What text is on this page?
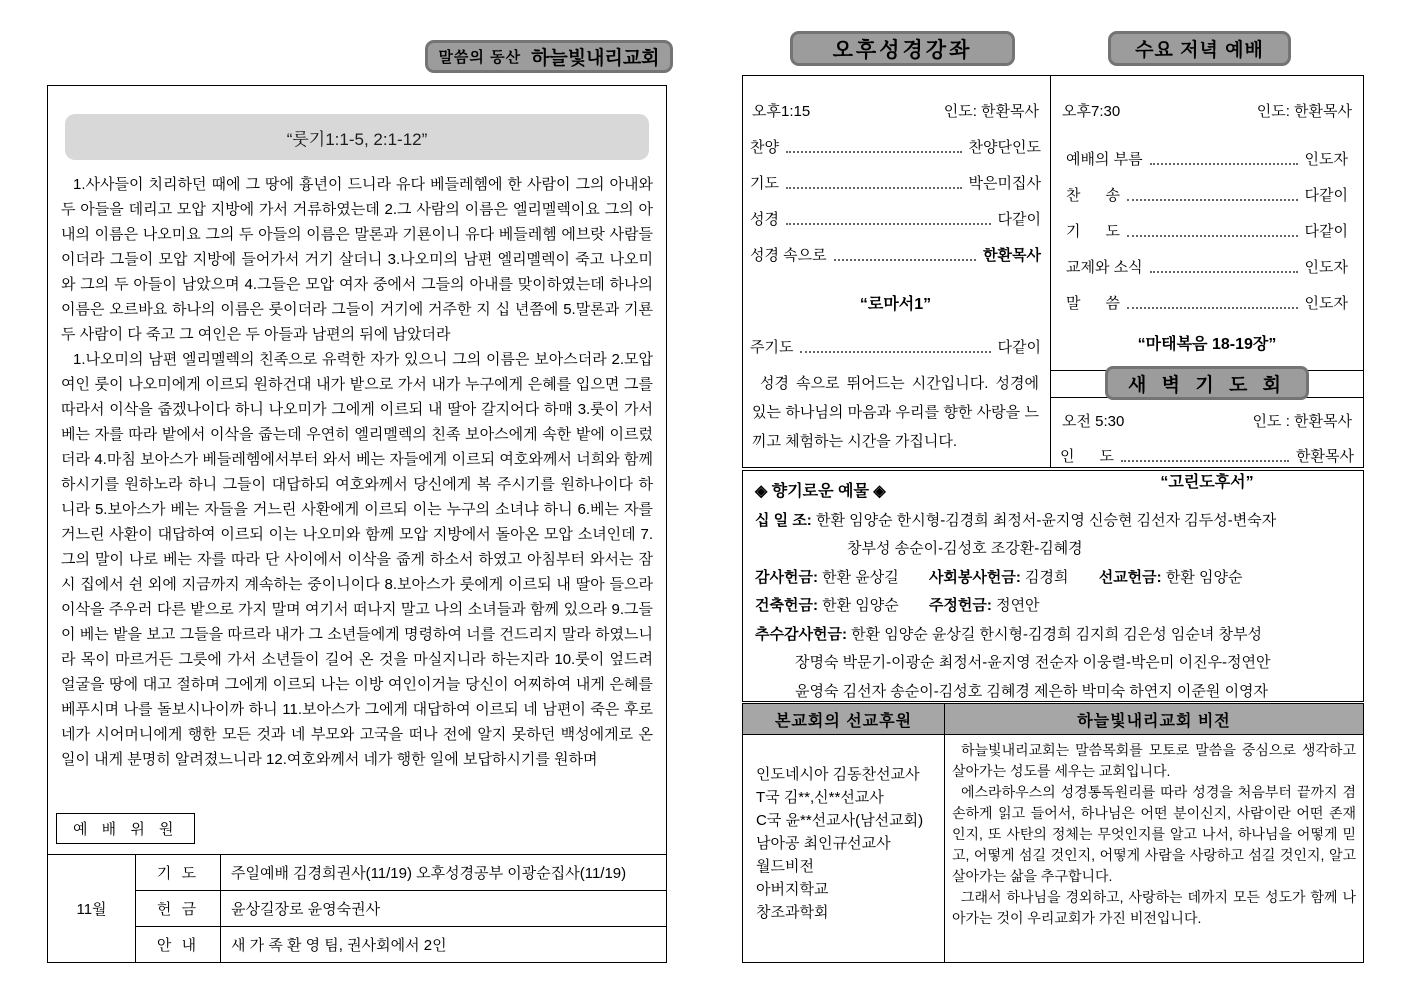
말씀의 동산 하늘빛내리교회
“룻기1:1-5, 2:1-12”

1.사사들이 치리하던 때에 그 땅에 흉년이 드니라 유다 베들레헴에 한 사람이 그의 아내와 두 아들을 데리고 모압 지방에 가서 거류하였는데 2.그 사람의 이름은 엘리멜렉이요 그의 아내의 이름은 나오미요 그의 두 아들의 이름은 말론과 기룐이니 유다 베들레헴 에브랏 사람들이더라 그들이 모압 지방에 들어가서 거기 살더니 3.나오미의 남편 엘리멜렉이 죽고 나오미와 그의 두 아들이 남았으며 4.그들은 모압 여자 중에서 그들의 아내를 맞이하였는데 하나의 이름은 오르바요 하나의 이름은 룻이더라 그들이 거기에 거주한 지 십 년쯤에 5.말론과 기룐 두 사람이 다 죽고 그 여인은 두 아들과 남편의 뒤에 남았더라

1.나오미의 남편 엘리멜렉의 친족으로 유력한 자가 있으니 그의 이름은 보아스더라 2.모압 여인 룻이 나오미에게 이르되 원하건대 내가 밭으로 가서 내가 누구에게 은혜를 입으면 그를 따라서 이삭을 줍겠나이다 하니 나오미가 그에게 이르되 내 딸아 갈지어다 하매 3.룻이 가서 베는 자를 따라 밭에서 이삭을 줍는데 우연히 엘리멜렉의 친족 보아스에게 속한 밭에 이르렀더라 4.마침 보아스가 베들레헴에서부터 와서 베는 자들에게 이르되 여호와께서 너희와 함께 하시기를 원하노라 하니 그들이 대답하되 여호와께서 당신에게 복 주시기를 원하나이다 하니라 5.보아스가 베는 자들을 거느린 사환에게 이르되 이는 누구의 소녀냐 하니 6.베는 자를 거느린 사환이 대답하여 이르되 이는 나오미와 함께 모압 지방에서 돌아온 모압 소녀인데 7.그의 말이 나로 베는 자를 따라 단 사이에서 이삭을 줍게 하소서 하였고 아침부터 와서는 잠시 집에서 쉰 외에 지금까지 계속하는 중이니이다 8.보아스가 룻에게 이르되 내 딸아 들으라 이삭을 주우러 다른 밭으로 가지 말며 여기서 떠나지 말고 나의 소녀들과 함께 있으라 9.그들이 베는 밭을 보고 그들을 따르라 내가 그 소년들에게 명령하여 너를 건드리지 말라 하였느니라 목이 마르거든 그릇에 가서 소년들이 길어 온 것을 마실지니라 하는지라 10.룻이 엎드려 얼굴을 땅에 대고 절하며 그에게 이르되 나는 이방 여인이거늘 당신이 어찌하여 내게 은혜를 베푸시며 나를 돌보시나이까 하니 11.보아스가 그에게 대답하여 이르되 네 남편이 죽은 후로 네가 시어머니에게 행한 모든 것과 네 부모와 고국을 떠나 전에 알지 못하던 백성에게로 온 일이 내게 분명히 알려졌느니라 12.여호와께서 네가 행한 일에 보답하시기를 원하며

예 배 위 원
11월	기 도	주일예배 김경희권사(11/19) 오후성경공부 이광순집사(11/19)
	헌 금	윤상길장로 윤영숙권사
	안 내	새 가 족 환 영 팀, 권사회에서 2인
오후성경강좌	수요 저녁 예배
오후1:15	인도: 한환목사
찬양	찬양단인도
기도	박은미집사
성경	다같이
성경 속으로	한환목사
“로마서1”
주기도	다같이
성경 속으로 뛰어드는 시간입니다. 성경에 있는 하나님의 마음과 우리를 향한 사랑을 느끼고 체험하는 시간을 가집니다.
오후7:30	인도: 한환목사
예배의 부름	인도자
찬      송	다같이
기      도	다같이
교제와 소식	인도자
말      씀	인도자
“마태복음 18-19장”
새 벽 기 도 회
오전 5:30	인도 : 한환목사
인      도	한환목사
“고린도후서”
◈ 향기로운 예물 ◈
십 일 조: 한환 임양순 한시형-김경희 최정서-윤지영 신승현 김선자 김두성-변숙자
창부성 송순이-김성호 조강환-김혜경
감사헌금: 한환 윤상길 사회봉사헌금: 김경희 선교헌금: 한환 임양순
건축헌금: 한환 임양순 주정헌금: 정연안
추수감사헌금: 한환 임양순 윤상길 한시형-김경희 김지희 김은성 임순녀 창부성
장명숙 박문기-이광순 최정서-윤지영 전순자 이웅렬-박은미 이진우-정연안
윤영숙 김선자 송순이-김성호 김혜경 제은하 박미숙 하연지 이준원 이영자
본교회의 선교후원	하늘빛내리교회 비전
인도네시아 김동찬선교사
T국 김**,신**선교사
C국 윤**선교사(남선교회)
남아공 최인규선교사
월드비전
아버지학교
창조과학회

하늘빛내리교회는 말씀목회를 모토로 말씀을 중심으로 생각하고 살아가는 성도를 세우는 교회입니다.

에스라하우스의 성경통독원리를 따라 성경을 처음부터 끝까지 겸손하게 읽고 들어서, 하나님은 어떤 분이신지, 사람이란 어떤 존재인지, 또 사탄의 정체는 무엇인지를 알고 나서, 하나님을 어떻게 믿고, 어떻게 섬길 것인지, 어떻게 사람을 사랑하고 섬길 것인지, 알고 살아가는 삶을 추구합니다.

그래서 하나님을 경외하고, 사랑하는 데까지 모든 성도가 함께 나아가는 것이 우리교회가 가진 비전입니다.
